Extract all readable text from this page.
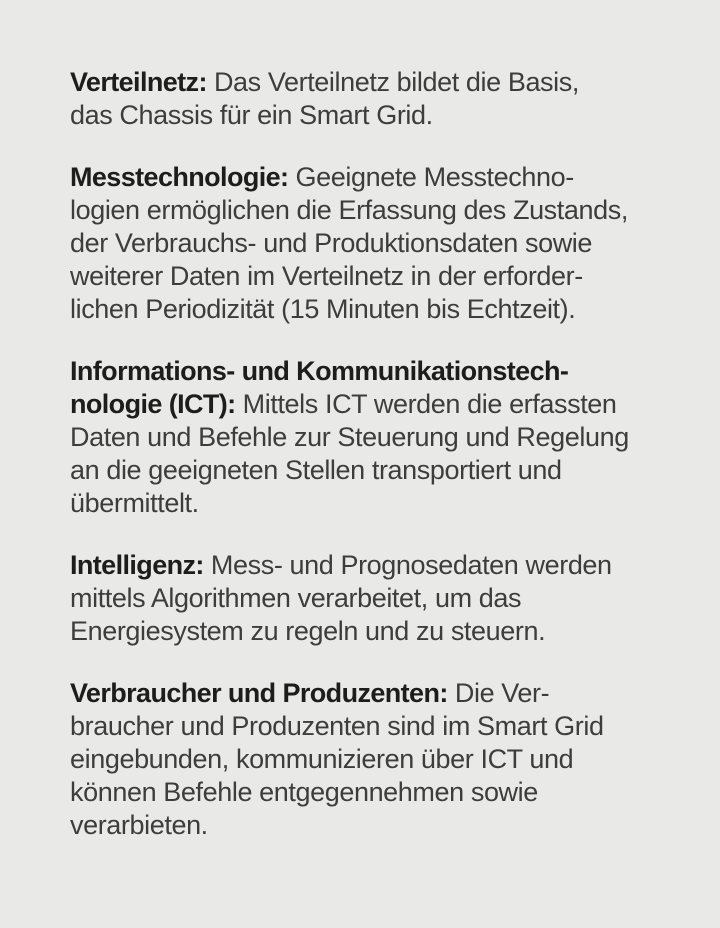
Verteilnetz: Das Verteilnetz bildet die Basis,
das Chassis für ein Smart Grid.

Messtechnologie: Geeignete Messtechno-
logien ermöglichen die Erfassung des Zustands,
der Verbrauchs- und Produktionsdaten sowie
weiterer Daten im Verteilnetz in der erforder-
lichen Periodizität (15 Minuten bis Echtzeit).

Informations- und Kommunikationstech-
nologie (ICT): Mittels ICT werden die erfassten
Daten und Befehle zur Steuerung und Regelung
an die geeigneten Stellen transportiert und
übermittelt.

Intelligenz: Mess- und Prognosedaten werden
mittels Algorithmen verarbeitet, um das
Energiesystem zu regeln und zu steuern.

Verbraucher und Produzenten: Die Ver-
braucher und Produzenten sind im Smart Grid
eingebunden, kommunizieren über ICT und
können Befehle entgegennehmen sowie
verarbieten.
